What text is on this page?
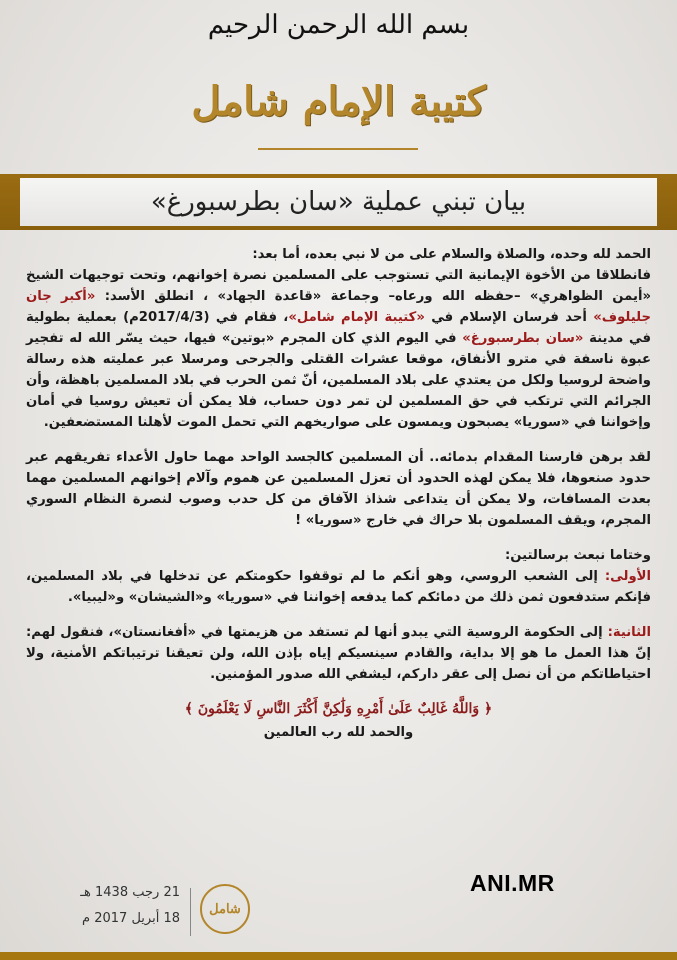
بسم الله الرحمن الرحيم
كتيبة الإمام شامل
بيان تبني عملية «سان بطرسبورغ»

الحمد لله وحده، والصلاة والسلام على من لا نبي بعده، أما بعد:

فانطلاقا من الأخوة الإيمانية التي تستوجب على المسلمين نصرة إخوانهم، وتحت توجيهات الشيخ «أيمن الظواهري» –حفظه الله ورعاه– وجماعة «قاعدة الجهاد» ، انطلق الأسد: «أكبر جان جليلوف» أحد فرسان الإسلام في «كتيبة الإمام شامل»، فقام في (2017/4/3م) بعملية بطولية في مدينة «سان بطرسبورغ» في اليوم الذي كان المجرم «بوتين» فيها، حيث يسّر الله له تفجير عبوة ناسفة في مترو الأنفاق، موقعا عشرات القتلى والجرحى ومرسلا عبر عمليته هذه رسالة واضحة لروسيا ولكل من يعتدي على بلاد المسلمين، أنّ ثمن الحرب في بلاد المسلمين باهظة، وأن الجرائم التي ترتكب في حق المسلمين لن تمر دون حساب، فلا يمكن أن تعيش روسيا في أمان وإخواننا في «سوريا» يصبحون ويمسون على صواريخهم التي تحمل الموت لأهلنا المستضعفين.

لقد برهن فارسنا المقدام بدمائه.. أن المسلمين كالجسد الواحد مهما حاول الأعداء تفريقهم عبر حدود صنعوها، فلا يمكن لهذه الحدود أن تعزل المسلمين عن هموم وآلام إخوانهم المسلمين مهما بعدت المسافات، ولا يمكن أن يتداعى شذاذ الآفاق من كل حدب وصوب لنصرة النظام السوري المجرم، ويقف المسلمون بلا حراك في خارج «سوريا» !

وختاما نبعث برسالتين:

الأولى: إلى الشعب الروسي، وهو أنكم ما لم توقفوا حكومتكم عن تدخلها في بلاد المسلمين، فإنكم ستدفعون ثمن ذلك من دمائكم كما يدفعه إخواننا في «سوريا» و«الشيشان» و«ليبيا».

الثانية: إلى الحكومة الروسية التي يبدو أنها لم تستفد من هزيمتها في «أفغانستان»، فنقول لهم: إنّ هذا العمل ما هو إلا بداية، والقادم سينسيكم إياه بإذن الله، ولن تعيقنا ترتيباتكم الأمنية، ولا احتياطاتكم من أن نصل إلى عقر داركم، ليشفي الله صدور المؤمنين.

﴿ وَاللَّهُ غَالِبٌ عَلَىٰ أَمْرِهِ وَلَٰكِنَّ أَكْثَرَ النَّاسِ لَا يَعْلَمُونَ ﴾
والحمد لله رب العالمين
21 رجب 1438 هـ
18 أبريل 2017 م
شامل
ANI.MR
